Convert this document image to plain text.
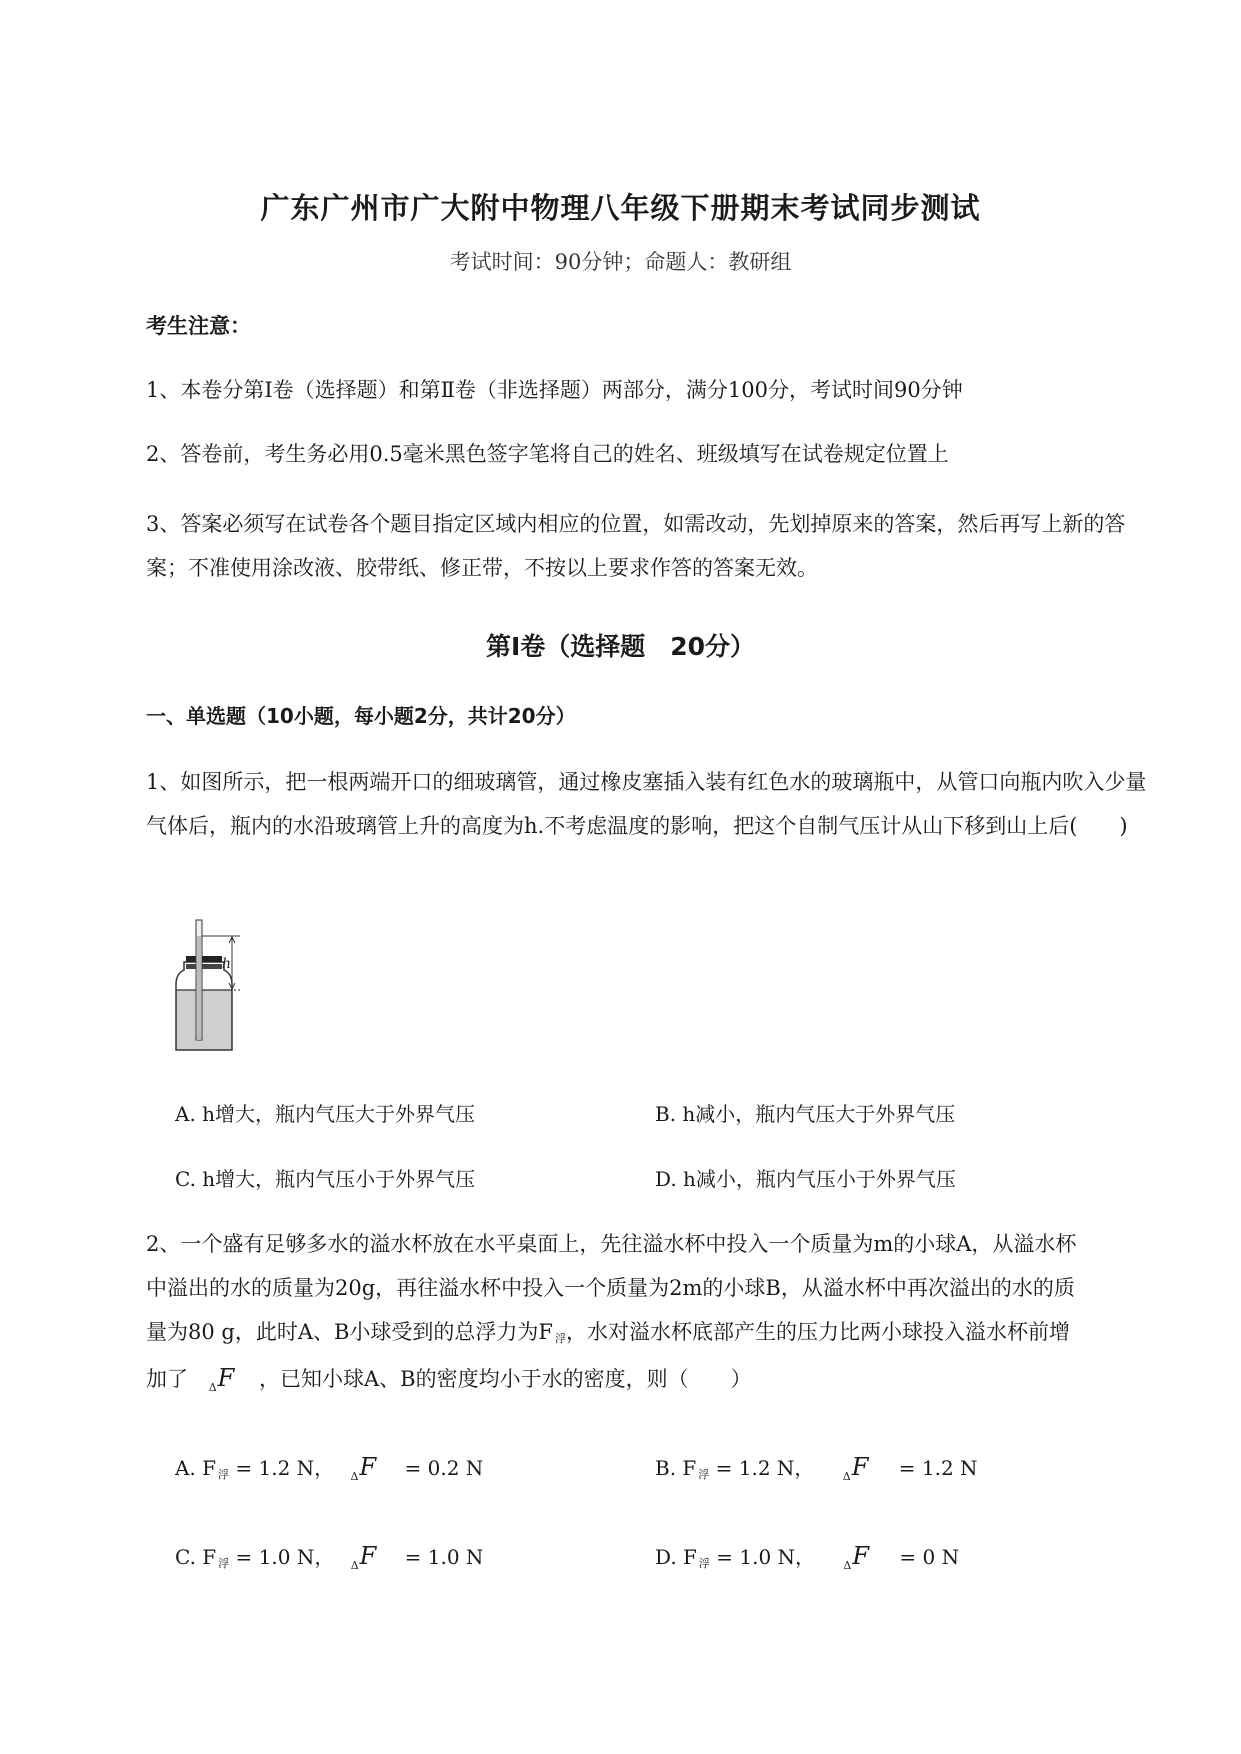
广东广州市广大附中物理八年级下册期末考试同步测试
考试时间：90分钟；命题人：教研组
考生注意：
1、本卷分第I卷（选择题）和第Ⅱ卷（非选择题）两部分，满分100分，考试时间90分钟
2、答卷前，考生务必用0.5毫米黑色签字笔将自己的姓名、班级填写在试卷规定位置上
3、答案必须写在试卷各个题目指定区域内相应的位置，如需改动，先划掉原来的答案，然后再写上新的答案；不准使用涂改液、胶带纸、修正带，不按以上要求作答的答案无效。
第I卷（选择题　20分）
一、单选题（10小题，每小题2分，共计20分）
1、如图所示，把一根两端开口的细玻璃管，通过橡皮塞插入装有红色水的玻璃瓶中，从管口向瓶内吹入少量气体后，瓶内的水沿玻璃管上升的高度为h.不考虑温度的影响，把这个自制气压计从山下移到山上后(　　)
h
A. h增大，瓶内气压大于外界气压	B. h减小，瓶内气压大于外界气压
C. h增大，瓶内气压小于外界气压	D. h减小，瓶内气压小于外界气压
2、一个盛有足够多水的溢水杯放在水平桌面上，先往溢水杯中投入一个质量为m的小球A，从溢水杯
中溢出的水的质量为20g，再往溢水杯中投入一个质量为2m的小球B，从溢水杯中再次溢出的水的质
量为80 g，此时A、B小球受到的总浮力为F $_浮$，水对溢水杯底部产生的压力比两小球投入溢水杯前增
加了 $_\Delta$F ，已知小球A、B的密度均小于水的密度，则（　　）
A. F $_浮$ = 1.2 N， $_\Delta$F = 0.2 N	B. F $_浮$ = 1.2 N，	$_\Delta$F = 1.2 N
C. F $_浮$ = 1.0 N， $_\Delta$F = 1.0 N	D. F $_浮$ = 1.0 N，	$_\Delta$F = 0 N
